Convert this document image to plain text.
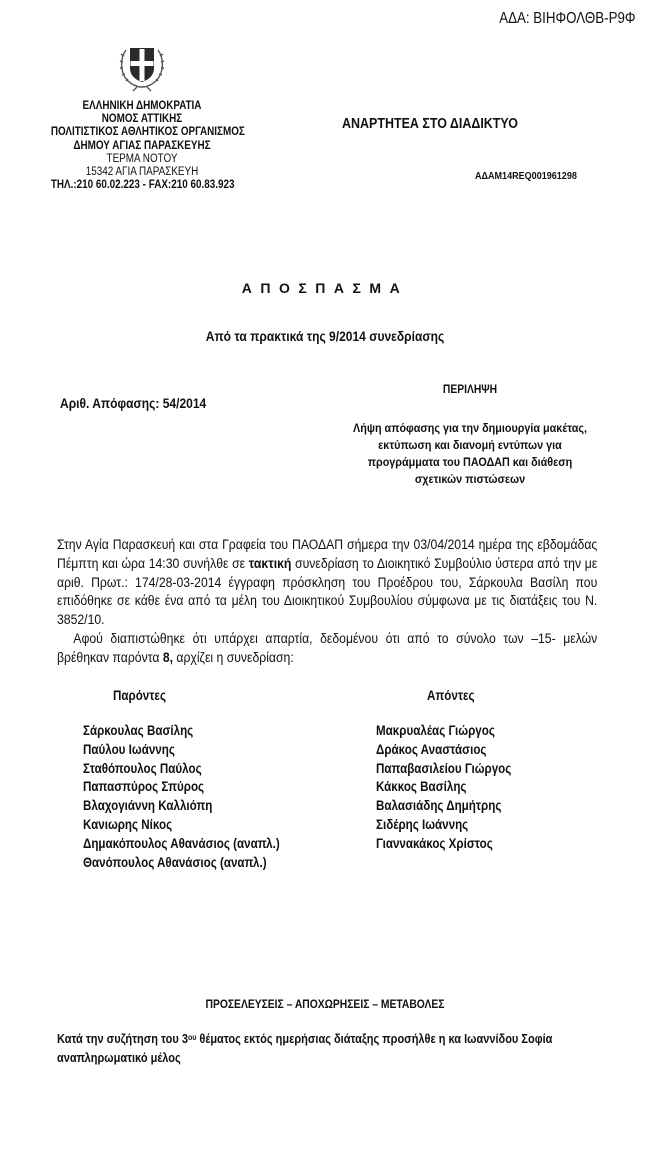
ΑΔΑ: ΒΙΗΦΟΛΘΒ-Ρ9Φ
ΕΛΛΗΝΙΚΗ ΔΗΜΟΚΡΑΤΙΑ
ΝΟΜΟΣ ΑΤΤΙΚΗΣ
ΠΟΛΙΤΙΣΤΙΚΟΣ ΑΘΛΗΤΙΚΟΣ ΟΡΓΑΝΙΣΜΟΣ
ΔΗΜΟΥ ΑΓΙΑΣ ΠΑΡΑΣΚΕΥΗΣ
ΤΕΡΜΑ ΝΟΤΟΥ
15342 ΑΓΙΑ ΠΑΡΑΣΚΕΥΗ
ΤΗΛ.:210 60.02.223 - FAX:210 60.83.923
ΑΝΑΡΤΗΤΕΑ ΣΤΟ ΔΙΑΔΙΚΤΥΟ
ΑΔΑΜ14REQ001961298
ΑΠΟΣΠΑΣΜΑ
Από τα πρακτικά της 9/2014 συνεδρίασης
Αριθ. Απόφασης: 54/2014
ΠΕΡΙΛΗΨΗ
Λήψη απόφασης για την δημιουργία μακέτας, εκτύπωση και διανομή εντύπων για προγράμματα του ΠΑΟΔΑΠ και διάθεση σχετικών πιστώσεων
Στην Αγία Παρασκευή και στα Γραφεία του ΠΑΟΔΑΠ σήμερα την 03/04/2014 ημέρα της εβδομάδας Πέμπτη και ώρα 14:30 συνήλθε σε τακτική συνεδρίαση το Διοικητικό Συμβούλιο ύστερα από την με αριθ. Πρωτ.: 174/28-03-2014 έγγραφη πρόσκληση του Προέδρου του, Σάρκουλα Βασίλη που επιδόθηκε σε κάθε ένα από τα μέλη του Διοικητικού Συμβουλίου σύμφωνα με τις διατάξεις του Ν. 3852/10.
Αφού διαπιστώθηκε ότι υπάρχει απαρτία, δεδομένου ότι από το σύνολο των –15- μελών βρέθηκαν παρόντα 8, αρχίζει η συνεδρίαση:
Παρόντες	Απόντες
Σάρκουλας Βασίλης
Παύλου Ιωάννης
Σταθόπουλος Παύλος
Παπασπύρος Σπύρος
Βλαχογιάννη Καλλιόπη
Κανιωρης Νίκος
Δημακόπουλος Αθανάσιος (αναπλ.)
Θανόπουλος Αθανάσιος (αναπλ.)
Μακρυαλέας Γιώργος
Δράκος Αναστάσιος
Παπαβασιλείου Γιώργος
Κάκκος Βασίλης
Βαλασιάδης Δημήτρης
Σιδέρης Ιωάννης
Γιαννακάκος Χρίστος
ΠΡΟΣΕΛΕΥΣΕΙΣ – ΑΠΟΧΩΡΗΣΕΙΣ – ΜΕΤΑΒΟΛΕΣ
Κατά την συζήτηση του $3^{o\upsilon}$ θέματος εκτός ημερήσιας διάταξης προσήλθε η κα Ιωαννίδου Σοφία αναπληρωματικό μέλος
